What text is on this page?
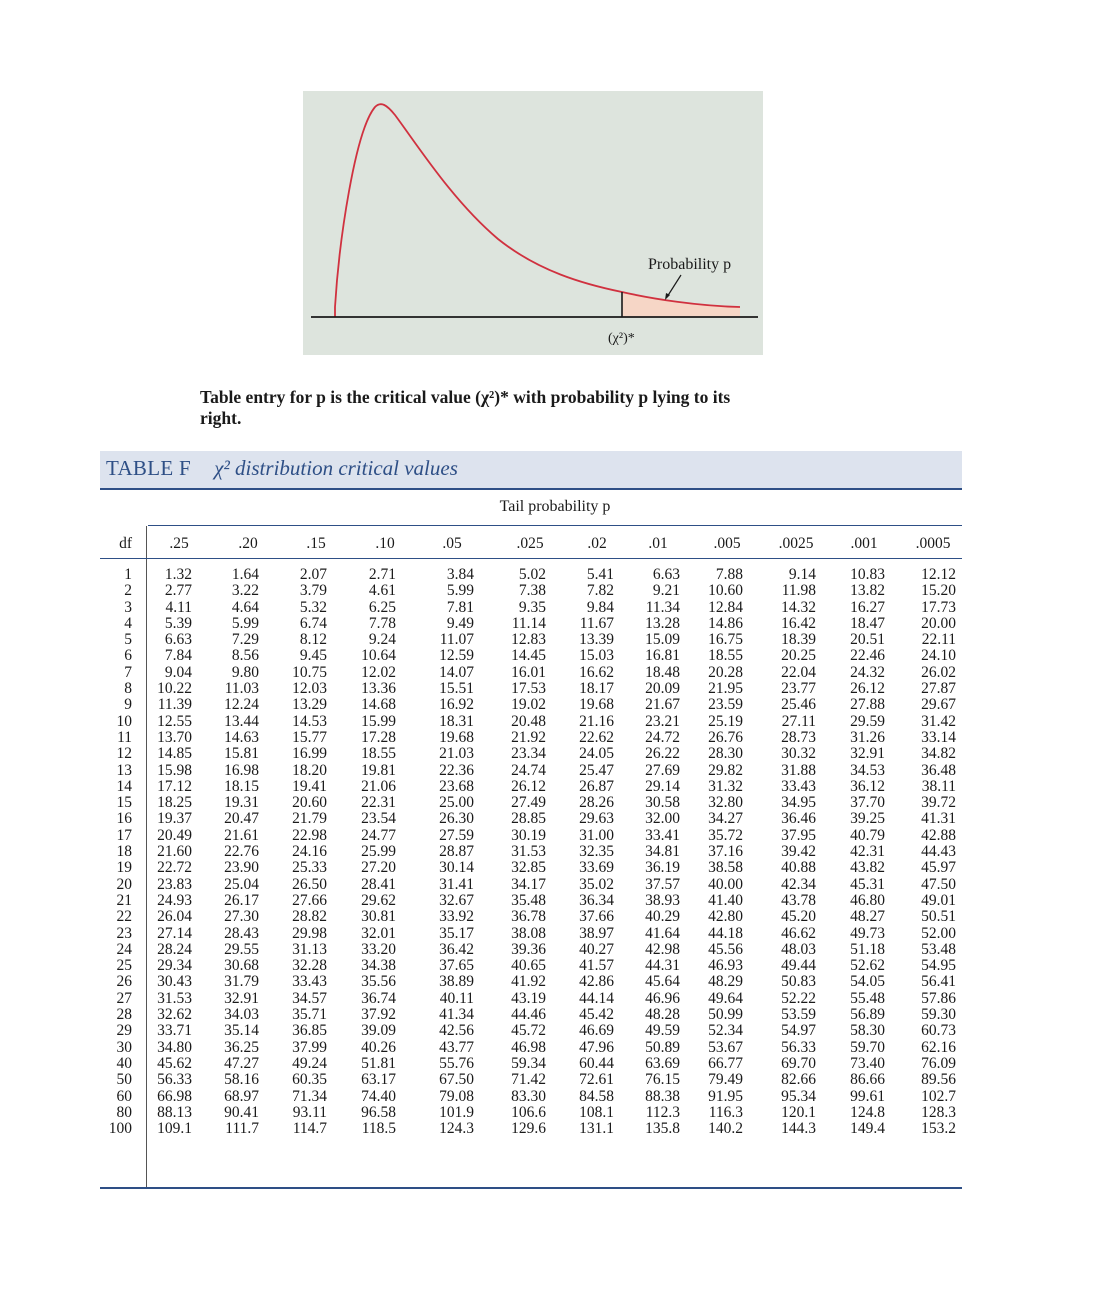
Probability p
(χ²)*
Table entry for p is the critical value (χ²)* with probability p lying to its
right.
TABLE F χ² distribution critical values
Tail probability p
df	.25	.20	.15	.10	.05	.025	.02	.01	.005	.0025	.001	.0005
1	1.32	1.64	2.07	2.71	3.84	5.02	5.41	6.63	7.88	9.14	10.83	12.12
2	2.77	3.22	3.79	4.61	5.99	7.38	7.82	9.21	10.60	11.98	13.82	15.20
3	4.11	4.64	5.32	6.25	7.81	9.35	9.84	11.34	12.84	14.32	16.27	17.73
4	5.39	5.99	6.74	7.78	9.49	11.14	11.67	13.28	14.86	16.42	18.47	20.00
5	6.63	7.29	8.12	9.24	11.07	12.83	13.39	15.09	16.75	18.39	20.51	22.11
6	7.84	8.56	9.45	10.64	12.59	14.45	15.03	16.81	18.55	20.25	22.46	24.10
7	9.04	9.80	10.75	12.02	14.07	16.01	16.62	18.48	20.28	22.04	24.32	26.02
8	10.22	11.03	12.03	13.36	15.51	17.53	18.17	20.09	21.95	23.77	26.12	27.87
9	11.39	12.24	13.29	14.68	16.92	19.02	19.68	21.67	23.59	25.46	27.88	29.67
10	12.55	13.44	14.53	15.99	18.31	20.48	21.16	23.21	25.19	27.11	29.59	31.42
11	13.70	14.63	15.77	17.28	19.68	21.92	22.62	24.72	26.76	28.73	31.26	33.14
12	14.85	15.81	16.99	18.55	21.03	23.34	24.05	26.22	28.30	30.32	32.91	34.82
13	15.98	16.98	18.20	19.81	22.36	24.74	25.47	27.69	29.82	31.88	34.53	36.48
14	17.12	18.15	19.41	21.06	23.68	26.12	26.87	29.14	31.32	33.43	36.12	38.11
15	18.25	19.31	20.60	22.31	25.00	27.49	28.26	30.58	32.80	34.95	37.70	39.72
16	19.37	20.47	21.79	23.54	26.30	28.85	29.63	32.00	34.27	36.46	39.25	41.31
17	20.49	21.61	22.98	24.77	27.59	30.19	31.00	33.41	35.72	37.95	40.79	42.88
18	21.60	22.76	24.16	25.99	28.87	31.53	32.35	34.81	37.16	39.42	42.31	44.43
19	22.72	23.90	25.33	27.20	30.14	32.85	33.69	36.19	38.58	40.88	43.82	45.97
20	23.83	25.04	26.50	28.41	31.41	34.17	35.02	37.57	40.00	42.34	45.31	47.50
21	24.93	26.17	27.66	29.62	32.67	35.48	36.34	38.93	41.40	43.78	46.80	49.01
22	26.04	27.30	28.82	30.81	33.92	36.78	37.66	40.29	42.80	45.20	48.27	50.51
23	27.14	28.43	29.98	32.01	35.17	38.08	38.97	41.64	44.18	46.62	49.73	52.00
24	28.24	29.55	31.13	33.20	36.42	39.36	40.27	42.98	45.56	48.03	51.18	53.48
25	29.34	30.68	32.28	34.38	37.65	40.65	41.57	44.31	46.93	49.44	52.62	54.95
26	30.43	31.79	33.43	35.56	38.89	41.92	42.86	45.64	48.29	50.83	54.05	56.41
27	31.53	32.91	34.57	36.74	40.11	43.19	44.14	46.96	49.64	52.22	55.48	57.86
28	32.62	34.03	35.71	37.92	41.34	44.46	45.42	48.28	50.99	53.59	56.89	59.30
29	33.71	35.14	36.85	39.09	42.56	45.72	46.69	49.59	52.34	54.97	58.30	60.73
30	34.80	36.25	37.99	40.26	43.77	46.98	47.96	50.89	53.67	56.33	59.70	62.16
40	45.62	47.27	49.24	51.81	55.76	59.34	60.44	63.69	66.77	69.70	73.40	76.09
50	56.33	58.16	60.35	63.17	67.50	71.42	72.61	76.15	79.49	82.66	86.66	89.56
60	66.98	68.97	71.34	74.40	79.08	83.30	84.58	88.38	91.95	95.34	99.61	102.7
80	88.13	90.41	93.11	96.58	101.9	106.6	108.1	112.3	116.3	120.1	124.8	128.3
100	109.1	111.7	114.7	118.5	124.3	129.6	131.1	135.8	140.2	144.3	149.4	153.2
